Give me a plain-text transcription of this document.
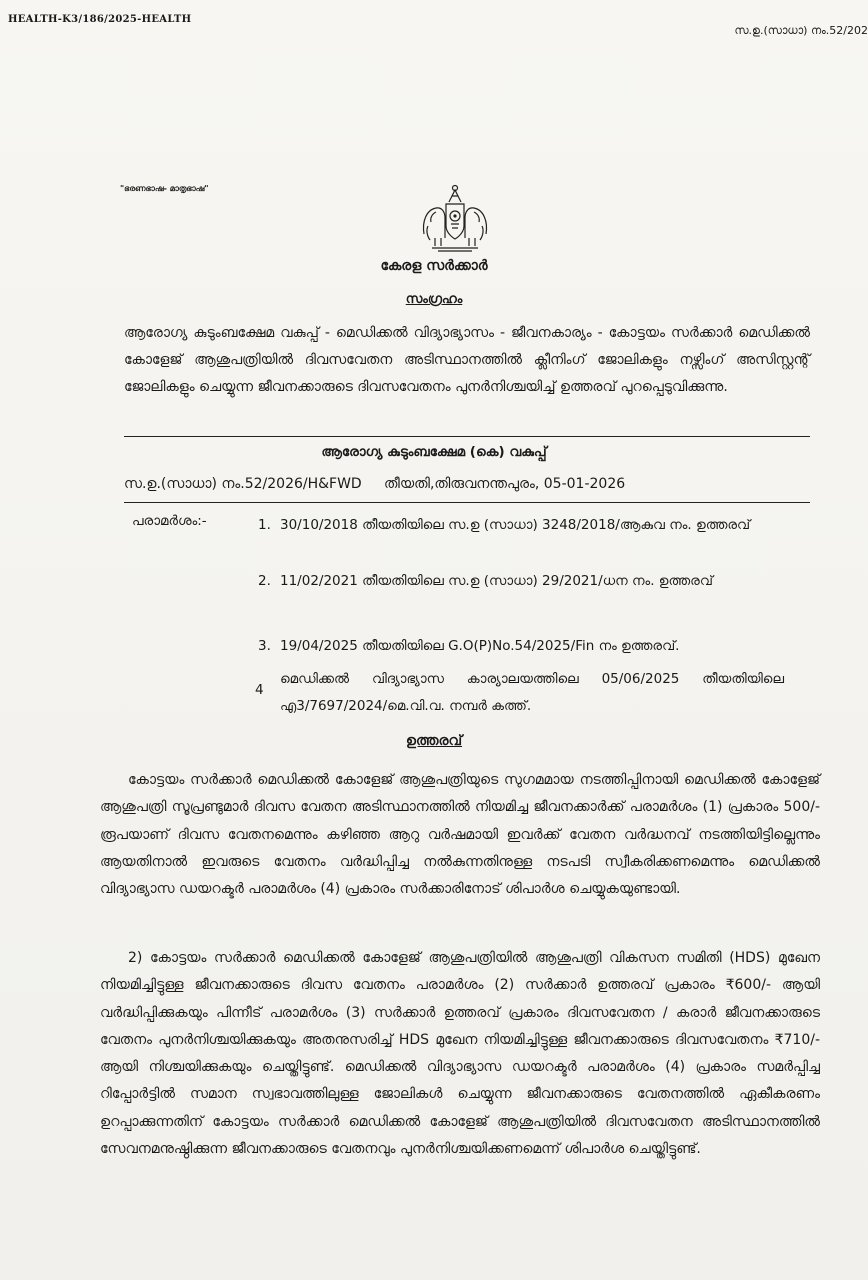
HEALTH-K3/186/2025-HEALTH
സ.ഉ.(സാധാ) നം.52/202
"ഭരണഭാഷ- മാതൃഭാഷ"
കേരള സർക്കാർ
സംഗ്രഹം
ആരോഗ്യ കുടുംബക്ഷേമ വകുപ്പ് - മെഡിക്കൽ വിദ്യാഭ്യാസം - ജീവനകാര്യം - കോട്ടയം സർക്കാർ മെഡിക്കൽ കോളേജ് ആശുപത്രിയിൽ ദിവസവേതന അടിസ്ഥാനത്തിൽ ക്ലീനിംഗ് ജോലികളും നഴ്സിംഗ് അസിസ്റ്റന്റ് ജോലികളും ചെയ്യുന്ന ജീവനക്കാരുടെ ദിവസവേതനം പുനർനിശ്ചയിച്ച് ഉത്തരവ് പുറപ്പെടുവിക്കുന്നു.
ആരോഗ്യ കുടുംബക്ഷേമ (കെ) വകുപ്പ്
സ.ഉ.(സാധാ) നം.52/2026/H&FWD തീയതി,തിരുവനന്തപുരം, 05-01-2026
പരാമർശം:-	1. 30/10/2018 തീയതിയിലെ സ.ഉ (സാധാ) 3248/2018/ആകുവ നം. ഉത്തരവ്
2. 11/02/2021 തീയതിയിലെ സ.ഉ (സാധാ) 29/2021/ധന നം. ഉത്തരവ്
3. 19/04/2025 തീയതിയിലെ G.O(P)No.54/2025/Fin നം ഉത്തരവ്.
4
മെഡിക്കൽ വിദ്യാഭ്യാസ കാര്യാലയത്തിലെ 05/06/2025 തീയതിയിലെ എ3/7697/2024/മെ.വി.വ. നമ്പർ കത്ത്.
ഉത്തരവ്

കോട്ടയം സർക്കാർ മെഡിക്കൽ കോളേജ് ആശുപത്രിയുടെ സുഗമമായ നടത്തിപ്പിനായി മെഡിക്കൽ കോളേജ് ആശുപത്രി സൂപ്രണ്ടുമാർ ദിവസ വേതന അടിസ്ഥാനത്തിൽ നിയമിച്ച ജീവനക്കാർക്ക് പരാമർശം (1) പ്രകാരം 500/- രൂപയാണ് ദിവസ വേതനമെന്നും കഴിഞ്ഞ ആറു വർഷമായി ഇവർക്ക് വേതന വർദ്ധനവ് നടത്തിയിട്ടില്ലെന്നും ആയതിനാൽ ഇവരുടെ വേതനം വർദ്ധിപ്പിച്ച നൽകുന്നതിനുള്ള നടപടി സ്വീകരിക്കണമെന്നും മെഡിക്കൽ വിദ്യാഭ്യാസ ഡയറക്ടർ പരാമർശം (4) പ്രകാരം സർക്കാരിനോട് ശിപാർശ ചെയ്യുകയുണ്ടായി.

2) കോട്ടയം സർക്കാർ മെഡിക്കൽ കോളേജ് ആശുപത്രിയിൽ ആശുപത്രി വികസന സമിതി (HDS) മുഖേന നിയമിച്ചിട്ടുള്ള ജീവനക്കാരുടെ ദിവസ വേതനം പരാമർശം (2) സർക്കാർ ഉത്തരവ് പ്രകാരം ₹600/- ആയി വർദ്ധിപ്പിക്കുകയും പിന്നീട് പരാമർശം (3) സർക്കാർ ഉത്തരവ് പ്രകാരം ദിവസവേതന / കരാർ ജീവനക്കാരുടെ വേതനം പുനർനിശ്ചയിക്കുകയും അതനുസരിച്ച് HDS മുഖേന നിയമിച്ചിട്ടുള്ള ജീവനക്കാരുടെ ദിവസവേതനം ₹710/- ആയി നിശ്ചയിക്കുകയും ചെയ്തിട്ടുണ്ട്. മെഡിക്കൽ വിദ്യാഭ്യാസ ഡയറക്ടർ പരാമർശം (4) പ്രകാരം സമർപ്പിച്ച റിപ്പോർട്ടിൽ സമാന സ്വഭാവത്തിലുള്ള ജോലികൾ ചെയ്യുന്ന ജീവനക്കാരുടെ വേതനത്തിൽ ഏകീകരണം ഉറപ്പാക്കുന്നതിന് കോട്ടയം സർക്കാർ മെഡിക്കൽ കോളേജ് ആശുപത്രിയിൽ ദിവസവേതന അടിസ്ഥാനത്തിൽ സേവനമനുഷ്ഠിക്കുന്ന ജീവനക്കാരുടെ വേതനവും പുനർനിശ്ചയിക്കണമെന്ന് ശിപാർശ ചെയ്തിട്ടുണ്ട്.
